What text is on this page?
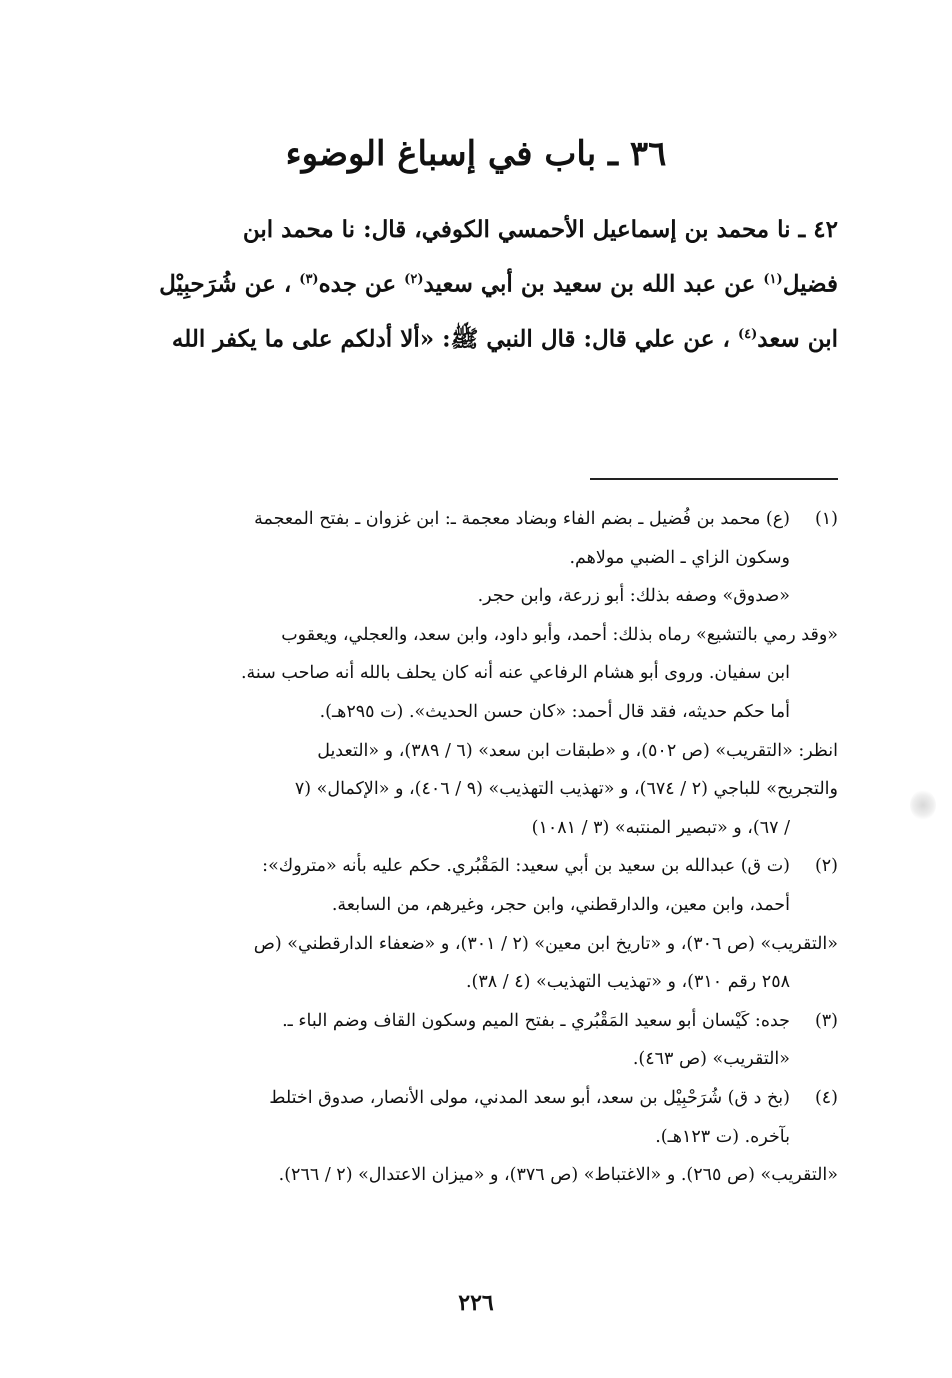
٣٦ ـ باب في إسباغ الوضوء
٤٢ ـ نا محمد بن إسماعيل الأحمسي الكوفي، قال: نا محمد ابن
فضيل$^{(١)}$ عن عبد الله بن سعيد بن أبي سعيد$^{(٢)}$ عن جده$^{(٣)}$ ، عن شُرَحبِيْل
ابن سعد$^{(٤)}$ ، عن علي قال: قال النبي ﷺ: «ألا أدلكم على ما يكفر الله
(١)(ع) محمد بن فُضيل ـ بضم الفاء وبضاد معجمة ـ: ابن غزوان ـ بفتح المعجمة
وسكون الزاي ـ الضبي مولاهم.
«صدوق» وصفه بذلك: أبو زرعة، وابن حجر.
«وقد رمي بالتشيع» رماه بذلك: أحمد، وأبو داود، وابن سعد، والعجلي، ويعقوب
ابن سفيان. وروى أبو هشام الرفاعي عنه أنه كان يحلف بالله أنه صاحب سنة.
أما حكم حديثه، فقد قال أحمد: «كان حسن الحديث». (ت ٢٩٥هـ).
انظر: «التقريب» (ص ٥٠٢)، و «طبقات ابن سعد» (٦ / ٣٨٩)، و «التعديل
والتجريح» للباجي (٢ / ٦٧٤)، و «تهذيب التهذيب» (٩ / ٤٠٦)، و «الإكمال» (٧
/ ٦٧)، و «تبصير المنتبه» (٣ / ١٠٨١)
(٢)(ت ق) عبدالله بن سعيد بن أبي سعيد: المَقْبُري. حكم عليه بأنه «متروك»:
أحمد، وابن معين، والدارقطني، وابن حجر، وغيرهم، من السابعة.
«التقريب» (ص ٣٠٦)، و «تاريخ ابن معين» (٢ / ٣٠١)، و «ضعفاء الدارقطني» (ص
٢٥٨ رقم ٣١٠)، و «تهذيب التهذيب» (٤ / ٣٨).
(٣)جده: كَيْسان أبو سعيد المَقْبُري ـ بفتح الميم وسكون القاف وضم الباء ـ.
«التقريب» (ص ٤٦٣).
(٤)(بخ د ق) شُرَحْبِيْل بن سعد، أبو سعد المدني، مولى الأنصار، صدوق اختلط
بآخره. (ت ١٢٣هـ).
«التقريب» (ص ٢٦٥). و «الاغتباط» (ص ٣٧٦)، و «ميزان الاعتدال» (٢ / ٢٦٦).
٢٢٦
